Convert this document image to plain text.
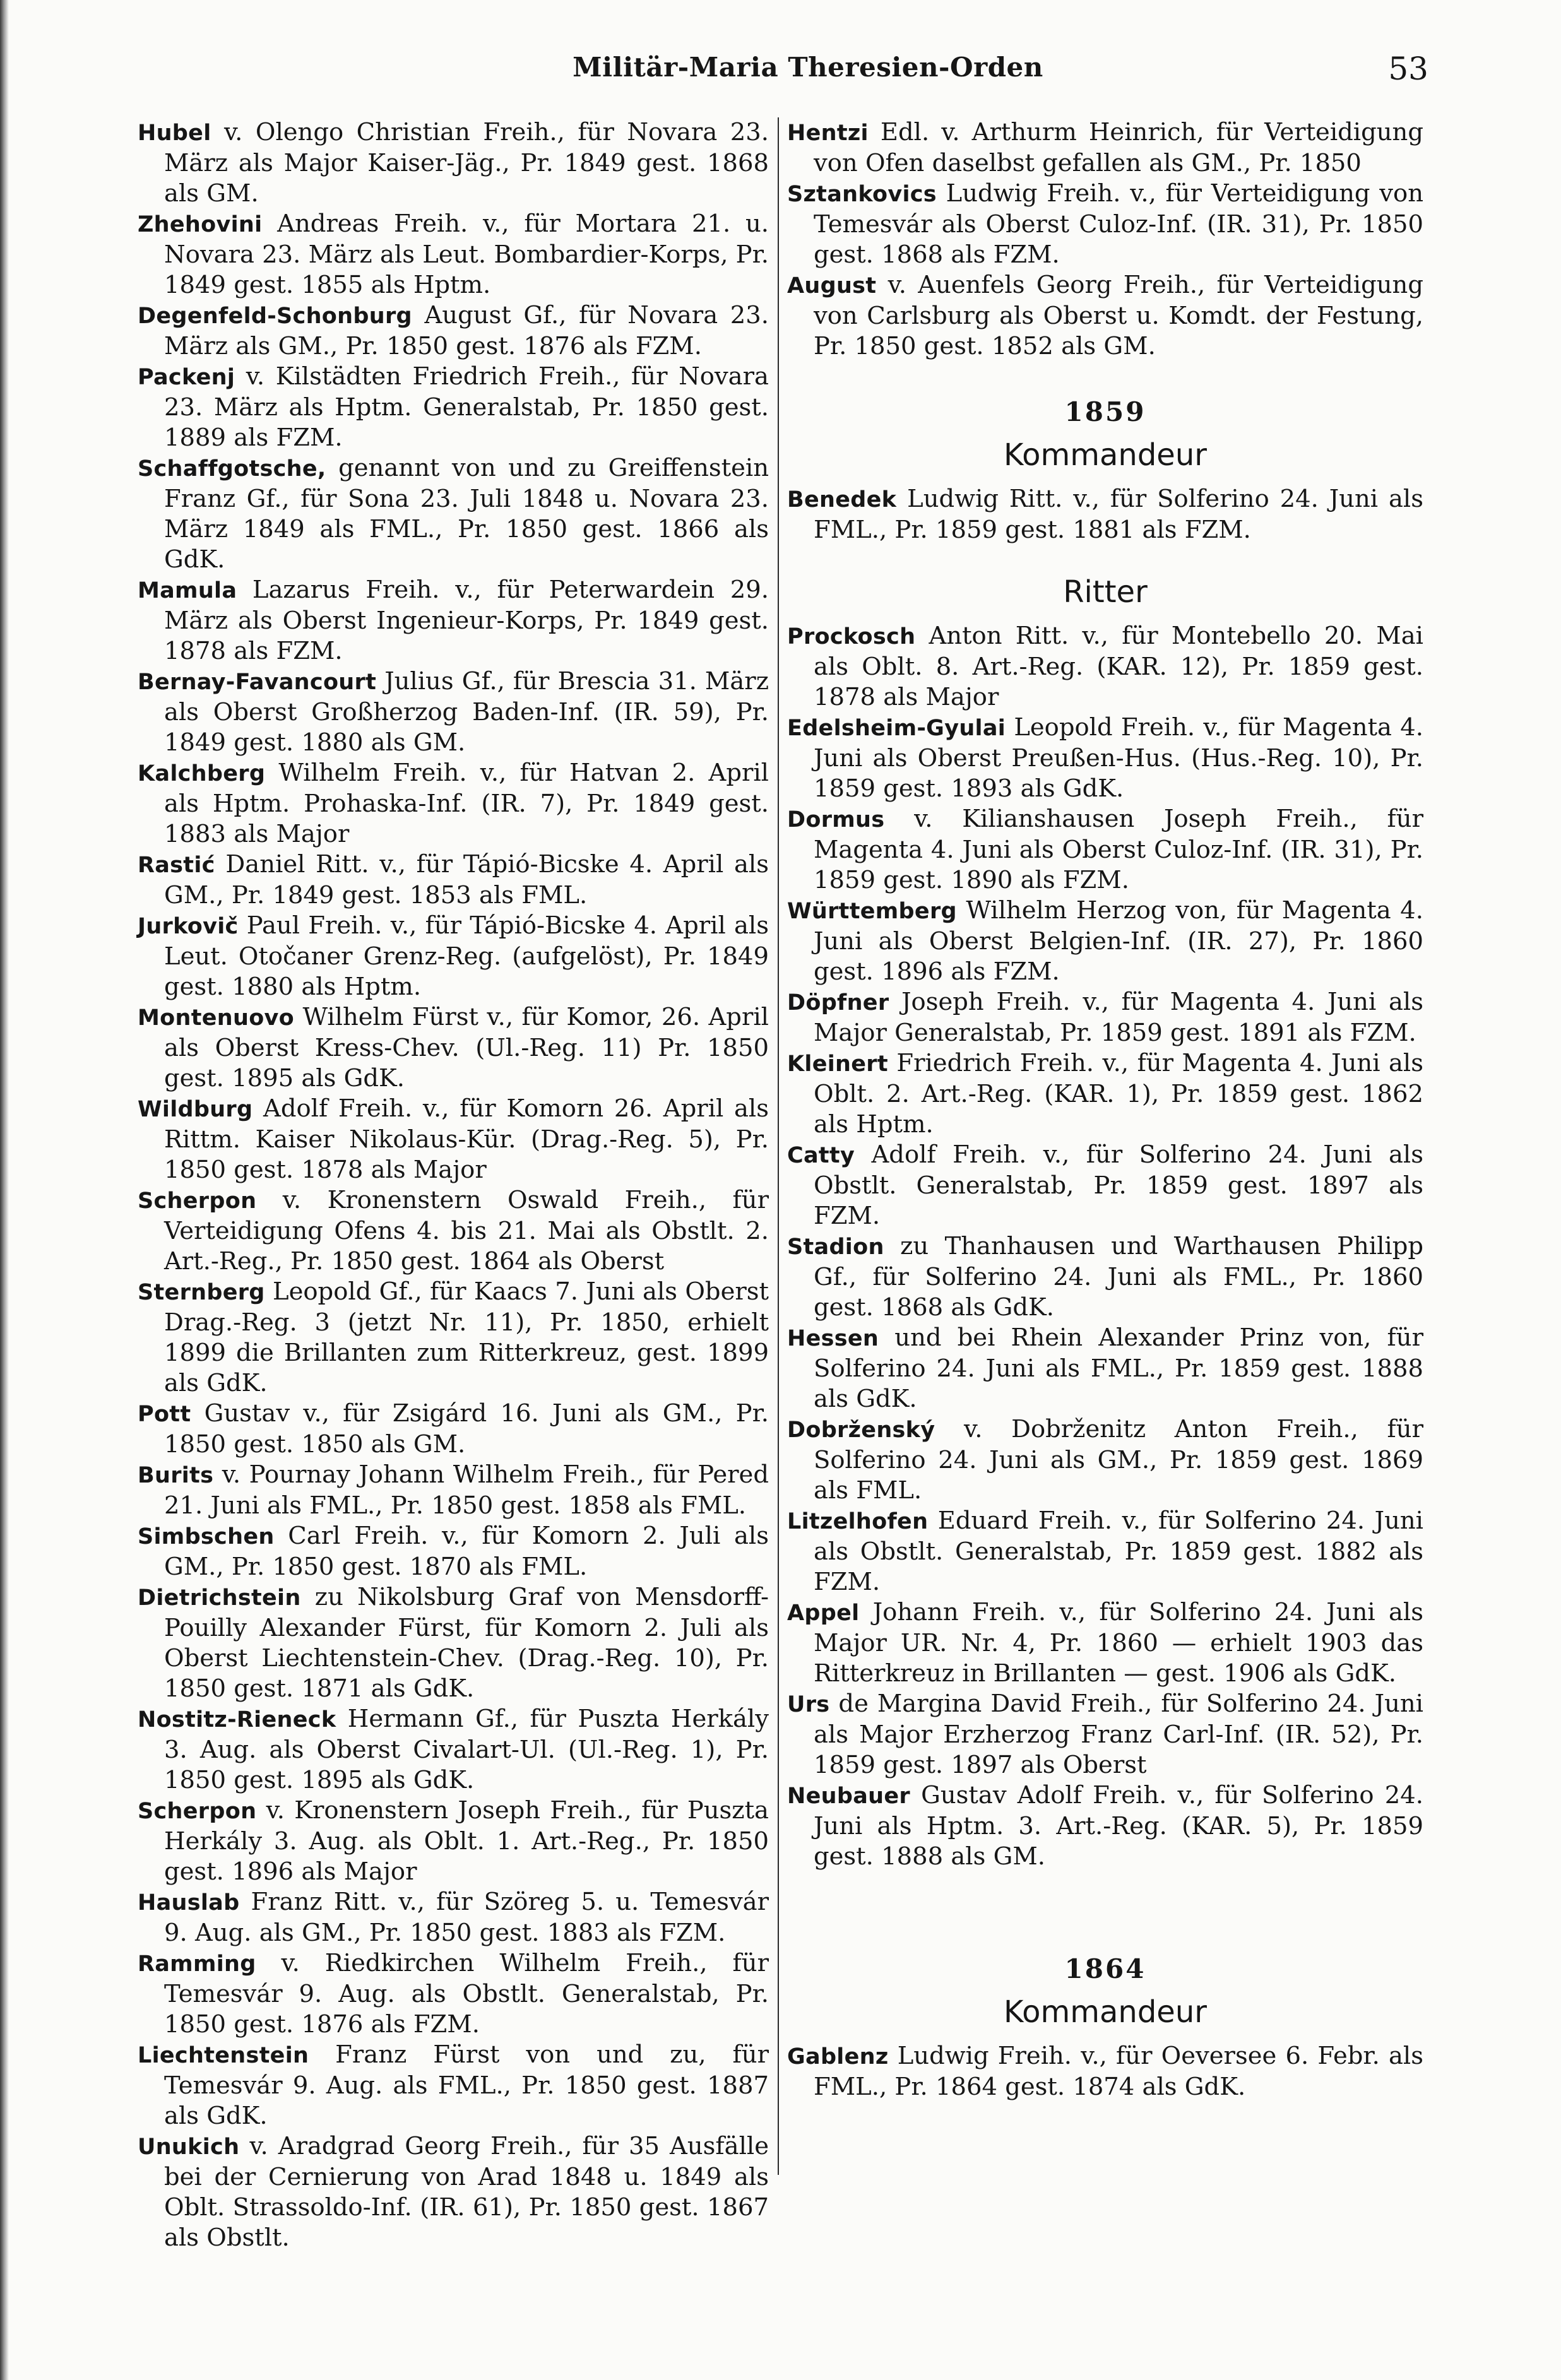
Militär-Maria Theresien-Orden	53

Hubel v. Olengo Christian Freih., für Novara 23. März als Major Kaiser-Jäg., Pr. 1849 gest. 1868 als GM.

Zhehovini Andreas Freih. v., für Mortara 21. u. Novara 23. März als Leut. Bombardier-Korps, Pr. 1849 gest. 1855 als Hptm.

Degenfeld-Schonburg August Gf., für Novara 23. März als GM., Pr. 1850 gest. 1876 als FZM.

Packenj v. Kilstädten Friedrich Freih., für Novara 23. März als Hptm. Generalstab, Pr. 1850 gest. 1889 als FZM.

Schaffgotsche, genannt von und zu Greiffenstein Franz Gf., für Sona 23. Juli 1848 u. Novara 23. März 1849 als FML., Pr. 1850 gest. 1866 als GdK.

Mamula Lazarus Freih. v., für Peterwardein 29. März als Oberst Ingenieur-Korps, Pr. 1849 gest. 1878 als FZM.

Bernay-Favancourt Julius Gf., für Brescia 31. März als Oberst Großherzog Baden-Inf. (IR. 59), Pr. 1849 gest. 1880 als GM.

Kalchberg Wilhelm Freih. v., für Hatvan 2. April als Hptm. Prohaska-Inf. (IR. 7), Pr. 1849 gest. 1883 als Major

Rastić Daniel Ritt. v., für Tápió-Bicske 4. April als GM., Pr. 1849 gest. 1853 als FML.

Jurkovič Paul Freih. v., für Tápió-Bicske 4. April als Leut. Otočaner Grenz-Reg. (aufgelöst), Pr. 1849 gest. 1880 als Hptm.

Montenuovo Wilhelm Fürst v., für Komor, 26. April als Oberst Kress-Chev. (Ul.-Reg. 11) Pr. 1850 gest. 1895 als GdK.

Wildburg Adolf Freih. v., für Komorn 26. April als Rittm. Kaiser Nikolaus-Kür. (Drag.-Reg. 5), Pr. 1850 gest. 1878 als Major

Scherpon v. Kronenstern Oswald Freih., für Verteidigung Ofens 4. bis 21. Mai als Obstlt. 2. Art.-Reg., Pr. 1850 gest. 1864 als Oberst

Sternberg Leopold Gf., für Kaacs 7. Juni als Oberst Drag.-Reg. 3 (jetzt Nr. 11), Pr. 1850, erhielt 1899 die Brillanten zum Ritterkreuz, gest. 1899 als GdK.

Pott Gustav v., für Zsigárd 16. Juni als GM., Pr. 1850 gest. 1850 als GM.

Burits v. Pournay Johann Wilhelm Freih., für Pered 21. Juni als FML., Pr. 1850 gest. 1858 als FML.

Simbschen Carl Freih. v., für Komorn 2. Juli als GM., Pr. 1850 gest. 1870 als FML.

Dietrichstein zu Nikolsburg Graf von Mensdorff-Pouilly Alexander Fürst, für Komorn 2. Juli als Oberst Liechtenstein-Chev. (Drag.-Reg. 10), Pr. 1850 gest. 1871 als GdK.

Nostitz-Rieneck Hermann Gf., für Puszta Herkály 3. Aug. als Oberst Civalart-Ul. (Ul.-Reg. 1), Pr. 1850 gest. 1895 als GdK.

Scherpon v. Kronenstern Joseph Freih., für Puszta Herkály 3. Aug. als Oblt. 1. Art.-Reg., Pr. 1850 gest. 1896 als Major

Hauslab Franz Ritt. v., für Szöreg 5. u. Temesvár 9. Aug. als GM., Pr. 1850 gest. 1883 als FZM.

Ramming v. Riedkirchen Wilhelm Freih., für Temesvár 9. Aug. als Obstlt. Generalstab, Pr. 1850 gest. 1876 als FZM.

Liechtenstein Franz Fürst von und zu, für Temesvár 9. Aug. als FML., Pr. 1850 gest. 1887 als GdK.

Unukich v. Aradgrad Georg Freih., für 35 Ausfälle bei der Cernierung von Arad 1848 u. 1849 als Oblt. Strassoldo-Inf. (IR. 61), Pr. 1850 gest. 1867 als Obstlt.

Hentzi Edl. v. Arthurm Heinrich, für Verteidigung von Ofen daselbst gefallen als GM., Pr. 1850

Sztankovics Ludwig Freih. v., für Verteidigung von Temesvár als Oberst Culoz-Inf. (IR. 31), Pr. 1850 gest. 1868 als FZM.

August v. Auenfels Georg Freih., für Verteidigung von Carlsburg als Oberst u. Komdt. der Festung, Pr. 1850 gest. 1852 als GM.

1859
Kommandeur

Benedek Ludwig Ritt. v., für Solferino 24. Juni als FML., Pr. 1859 gest. 1881 als FZM.

Ritter

Prockosch Anton Ritt. v., für Montebello 20. Mai als Oblt. 8. Art.-Reg. (KAR. 12), Pr. 1859 gest. 1878 als Major

Edelsheim-Gyulai Leopold Freih. v., für Magenta 4. Juni als Oberst Preußen-Hus. (Hus.-Reg. 10), Pr. 1859 gest. 1893 als GdK.

Dormus v. Kilianshausen Joseph Freih., für Magenta 4. Juni als Oberst Culoz-Inf. (IR. 31), Pr. 1859 gest. 1890 als FZM.

Württemberg Wilhelm Herzog von, für Magenta 4. Juni als Oberst Belgien-Inf. (IR. 27), Pr. 1860 gest. 1896 als FZM.

Döpfner Joseph Freih. v., für Magenta 4. Juni als Major Generalstab, Pr. 1859 gest. 1891 als FZM.

Kleinert Friedrich Freih. v., für Magenta 4. Juni als Oblt. 2. Art.-Reg. (KAR. 1), Pr. 1859 gest. 1862 als Hptm.

Catty Adolf Freih. v., für Solferino 24. Juni als Obstlt. Generalstab, Pr. 1859 gest. 1897 als FZM.

Stadion zu Thanhausen und Warthausen Philipp Gf., für Solferino 24. Juni als FML., Pr. 1860 gest. 1868 als GdK.

Hessen und bei Rhein Alexander Prinz von, für Solferino 24. Juni als FML., Pr. 1859 gest. 1888 als GdK.

Dobrženský v. Dobrženitz Anton Freih., für Solferino 24. Juni als GM., Pr. 1859 gest. 1869 als FML.

Litzelhofen Eduard Freih. v., für Solferino 24. Juni als Obstlt. Generalstab, Pr. 1859 gest. 1882 als FZM.

Appel Johann Freih. v., für Solferino 24. Juni als Major UR. Nr. 4, Pr. 1860 — erhielt 1903 das Ritterkreuz in Brillanten — gest. 1906 als GdK.

Urs de Margina David Freih., für Solferino 24. Juni als Major Erzherzog Franz Carl-Inf. (IR. 52), Pr. 1859 gest. 1897 als Oberst

Neubauer Gustav Adolf Freih. v., für Solferino 24. Juni als Hptm. 3. Art.-Reg. (KAR. 5), Pr. 1859 gest. 1888 als GM.

1864
Kommandeur

Gablenz Ludwig Freih. v., für Oeversee 6. Febr. als FML., Pr. 1864 gest. 1874 als GdK.
